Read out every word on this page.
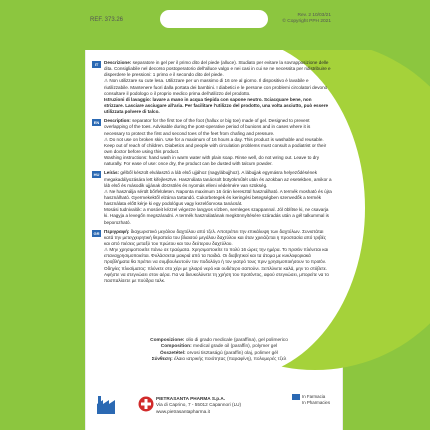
REF. 373.26
Rev. 2 10/03/21
© Copyright PPH 2021
IT	Descrizione: separatore in gel per il primo dito del piede (alluce). Studiato per evitare la sovrapposizione delle dita. Consigliabile nel decorso postoperatorio dell'alluce valgo e nei casi in cui se ne necessita per ridistribuire e disperdere le pressioni: 1 primo e il secondo dito del piede.

⚠ Non utilizzare su cute lesa. Utilizzare per un massimo di 16 ore al giorno. Il dispositivo è lavabile e riutilizzabile. Mantenere fuori dalla portata dei bambini. I diabetici e le persone con problemi circolatori devono consultare il podologo o il proprio medico prima dell'utilizzo del prodotto.

Istruzioni di lavaggio: lavare a mano in acqua tiepida con sapone neutro. Sciacquare bene, non strizzare. Lasciare asciugare all'aria. Per facilitare l'utilizzo del prodotto, una volta asciutto, può essere utilizzata polvere di talco.

EN	Description: separator for the first toe of the foot (hallux or big toe) made of gel. Designed to prevent overlapping of the toes. Advisable during the post-operative period of bunions and in cases where it is necessary to protect the first and second toes of the feet from chafing and pressure.

⚠ Do not use on broken skin. Use for a maximum of 16 hours a day. This product is washable and reusable. Keep out of reach of children. Diabetics and people with circulation problems must consult a podiatrist or their own doctor before using this product.

Washing instructions: hand wash in warm water with plain soap. Rinse well, do not wring out. Leave to dry naturally. For ease of use: once dry, the product can be dusted with talcum powder.

HU	Leírás: gélből készült elválasztó a láb első ujjához (nagylábujjhoz). A lábujjak egymásra helyeződésének megakadályozására lett kifejlesztve. Használata tanácsolt bütyökműtét után és azokban az esetekben, amikor a láb első és második ujjának dörzsölés és nyomás elleni védelmére van szükség.

⚠ Ne használja sérült bőrfelületen. Naponta maximum 16 órán keresztül használható. A termék mosható és újra használható. Gyermekektől elzárva tartandó. Cukorbetegek és keringési betegségben szenvedők a termék használata előtt kérje ki egy podológus vagy kezelőorvosa tanácsát.

Mosási tudnivalók: a mosóeit kézzel végezze langyos vízben, semleges szappannal. Jól öblítse ki, ne csavarja ki. Hagyja a levegőn megszáradni. A termék használatának megkönnyítésére száradás után a gél talkummal is beporozható.

GR Περιγραφή: διαχωριστικό μεγάλου δαχτύλου από τζελ. Αποτρέπει την επικάλυψη των δαχτύλων. Συνιστάται κατά την μετεγχειρητική θεραπεία του βλαισού μεγάλου δαχτύλου και όταν χρειάζεται η προστασία από τριβές και από πιέσεις μεταξύ του πρώτου και του δεύτερου δαχτύλου.

⚠ Μην χρησιμοποιείτε πάνω σε τραύματα. Χρησιμοποιείτε το πολύ 16 ώρες την ημέρα. Το προϊόν πλένεται και επαναχρησιμοποιείται. Φυλάσσεται μακριά από τα παιδιά. Οι διαβητικοί και τα άτομα με κυκλοφοριακά προβλήματα θα πρέπει να συμβουλευτούν τον ποδολόγο ή τον γιατρό τους πριν χρησιμοποιήσουν το προϊόν.

Οδηγίες πλυσίματος: πλύνετε στο χέρι με χλιαρό νερό και ουδέτερο σαπούνι. Ξεπλύνετε καλά, μην το στύβετε. Αφήστε να στεγνώσει στον αέρα. Για να διευκολύνετε τη χρήση του προϊόντος, αφού στεγνώσει, μπορείτε να το πασπαλίσετε με πούδρα ταλκ.

Composizione: olio di grado medicale (paraffina), gel polimerico

Composition: medical grade oil (paraffin), polymer gel

Összetétel: orvosi tisztaságú (paraffin) olaj, polimer gél

Σύνθεση: έλαιο ιατρικής ποιότητας (παραφίνη), πολυμερές τζελ

PIETRASANTA PHARMA S.p.A.
Via di Caprino, 7 - 55012 Capannori (LU)
www.pietrasantapharma.it
In Farmacia
In Pharmacies
